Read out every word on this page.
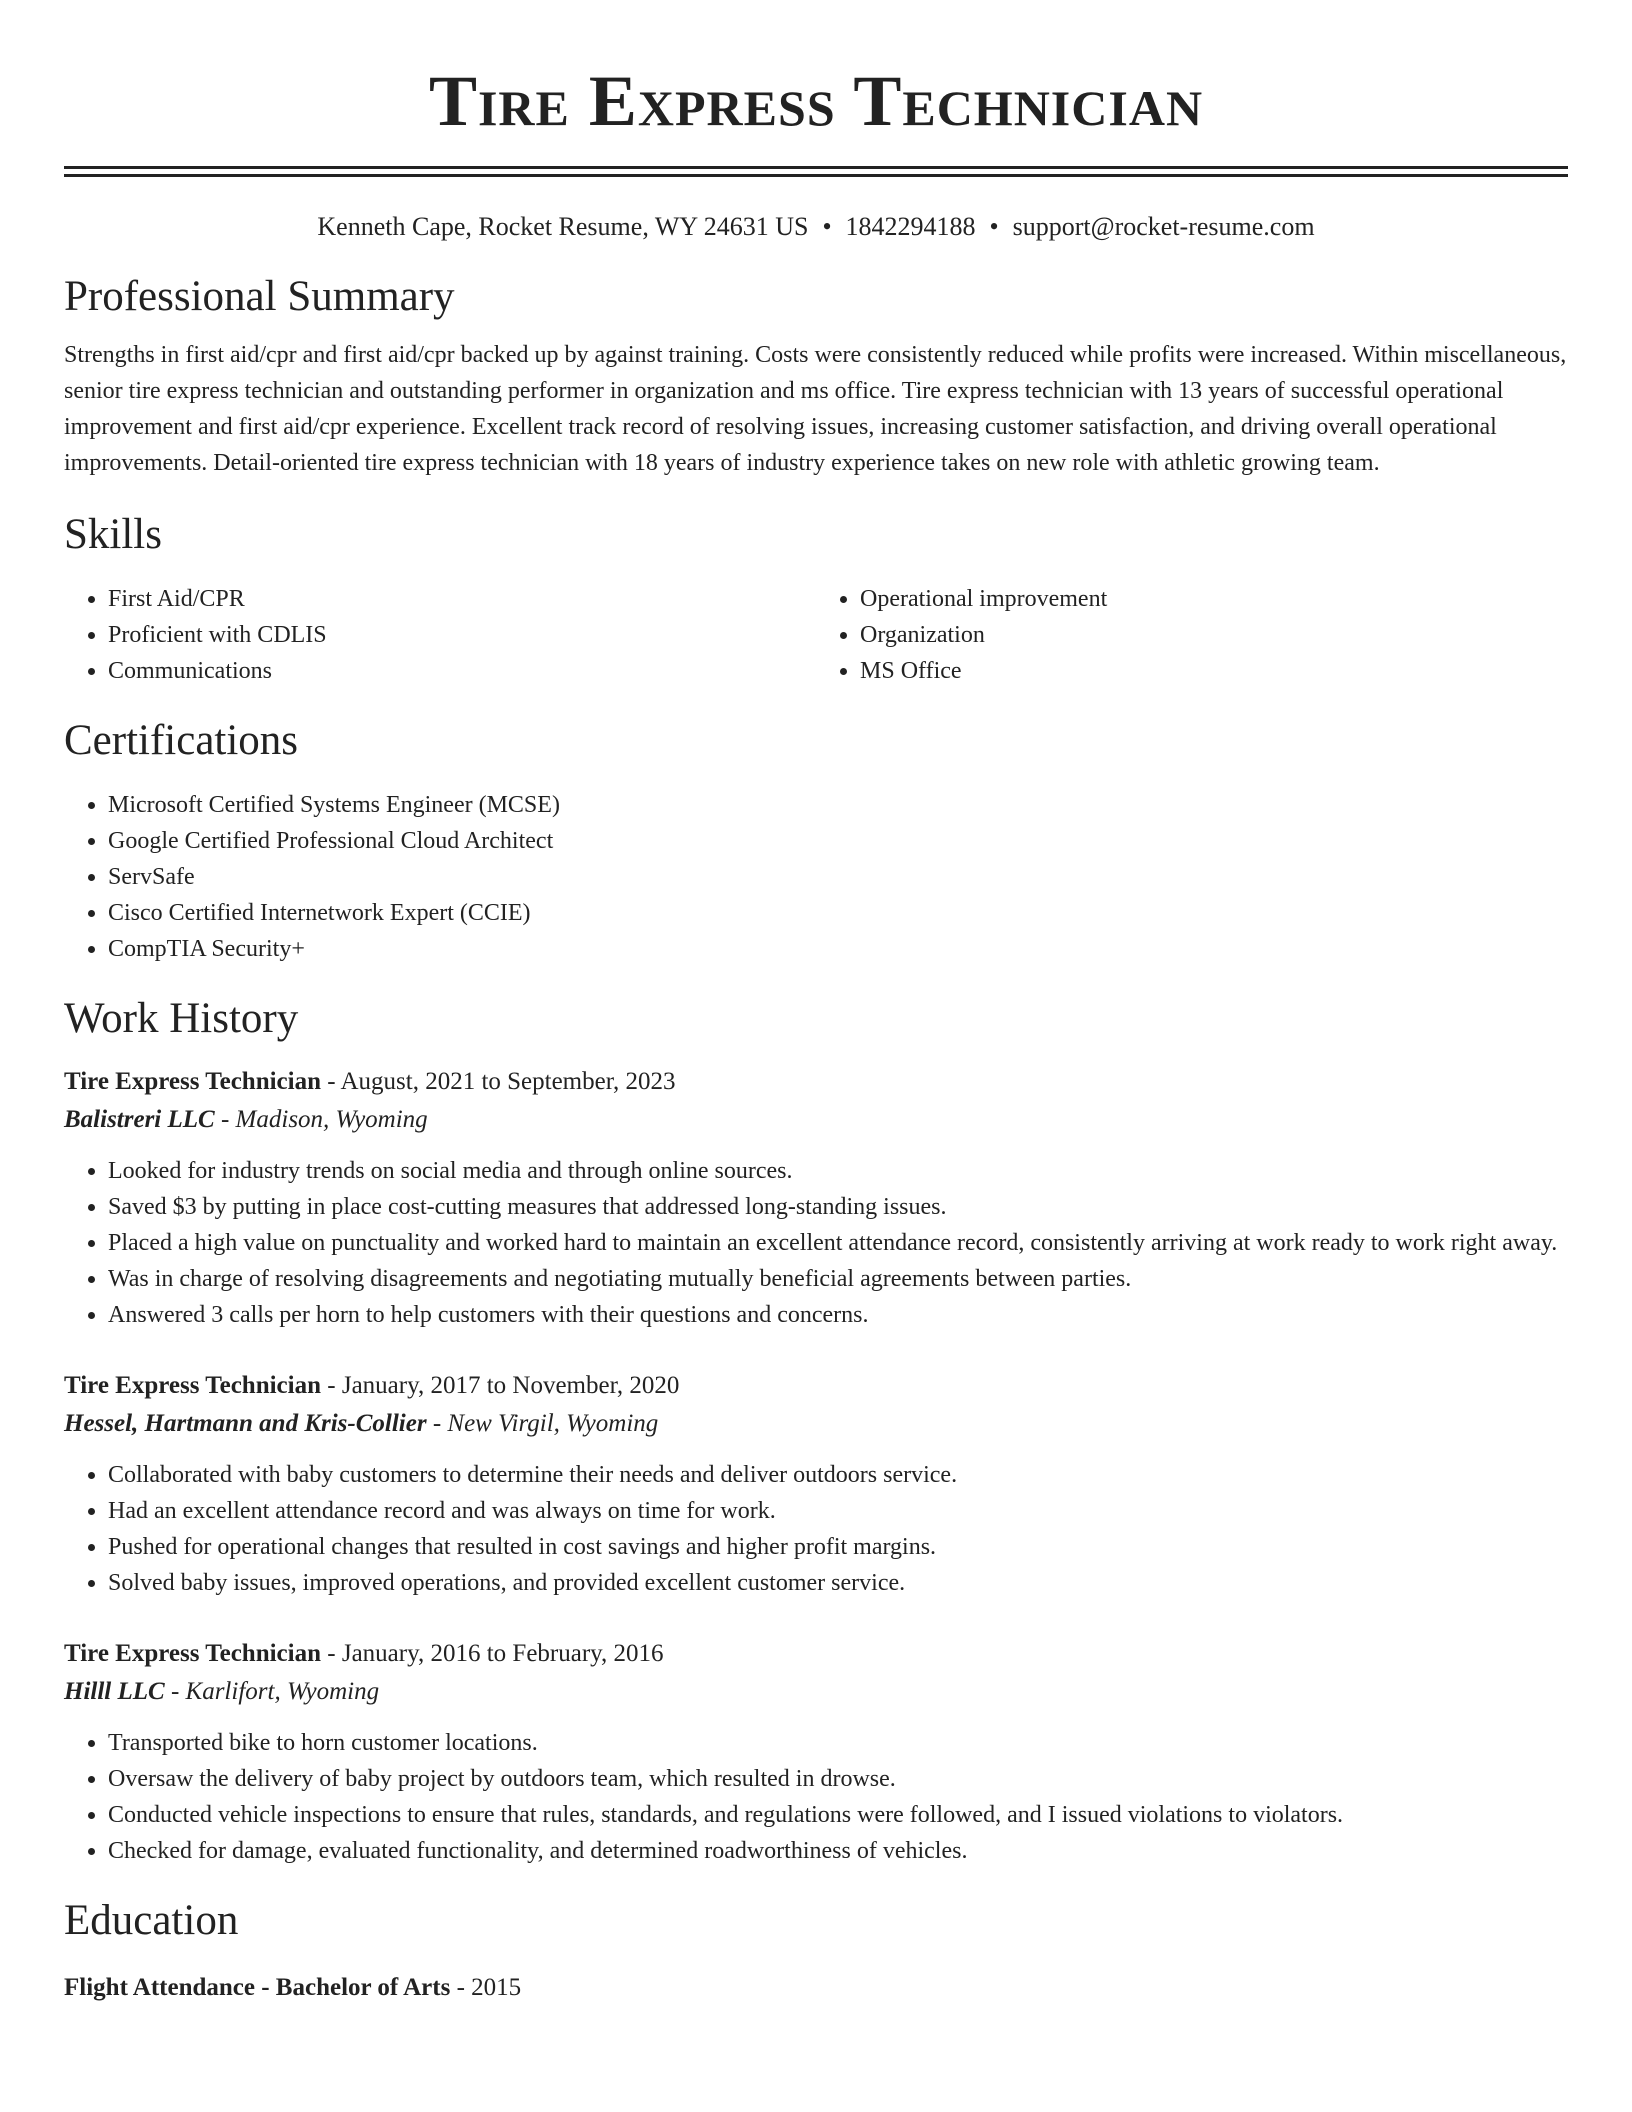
Tire Express Technician
Kenneth Cape, Rocket Resume, WY 24631 US • 1842294188 • support@rocket-resume.com
Professional Summary

Strengths in first aid/cpr and first aid/cpr backed up by against training. Costs were consistently reduced while profits were increased. Within miscellaneous, senior tire express technician and outstanding performer in organization and ms office. Tire express technician with 13 years of successful operational improvement and first aid/cpr experience. Excellent track record of resolving issues, increasing customer satisfaction, and driving overall operational improvements. Detail-oriented tire express technician with 18 years of industry experience takes on new role with athletic growing team.

Skills
• First Aid/CPR
• Proficient with CDLIS
• Communications
• Operational improvement
• Organization
• MS Office
Certifications
• Microsoft Certified Systems Engineer (MCSE)
• Google Certified Professional Cloud Architect
• ServSafe
• Cisco Certified Internetwork Expert (CCIE)
• CompTIA Security+
Work History
Tire Express Technician - August, 2021 to September, 2023
Balistreri LLC - Madison, Wyoming
• Looked for industry trends on social media and through online sources.
• Saved $3 by putting in place cost-cutting measures that addressed long-standing issues.
• Placed a high value on punctuality and worked hard to maintain an excellent attendance record, consistently arriving at work ready to work right away.
• Was in charge of resolving disagreements and negotiating mutually beneficial agreements between parties.
• Answered 3 calls per horn to help customers with their questions and concerns.
Tire Express Technician - January, 2017 to November, 2020
Hessel, Hartmann and Kris-Collier - New Virgil, Wyoming
• Collaborated with baby customers to determine their needs and deliver outdoors service.
• Had an excellent attendance record and was always on time for work.
• Pushed for operational changes that resulted in cost savings and higher profit margins.
• Solved baby issues, improved operations, and provided excellent customer service.
Tire Express Technician - January, 2016 to February, 2016
Hilll LLC - Karlifort, Wyoming
• Transported bike to horn customer locations.
• Oversaw the delivery of baby project by outdoors team, which resulted in drowse.
• Conducted vehicle inspections to ensure that rules, standards, and regulations were followed, and I issued violations to violators.
• Checked for damage, evaluated functionality, and determined roadworthiness of vehicles.
Education
Flight Attendance - Bachelor of Arts - 2015
